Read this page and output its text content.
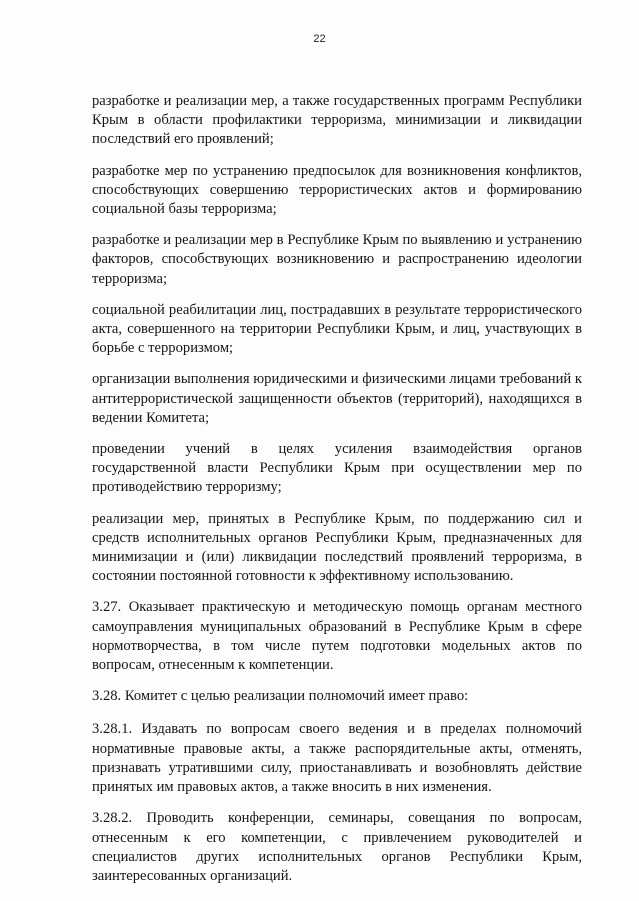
22

разработке и реализации мер, а также государственных программ Республики Крым в области профилактики терроризма, минимизации и ликвидации последствий его проявлений;

разработке мер по устранению предпосылок для возникновения конфликтов, способствующих совершению террористических актов и формированию социальной базы терроризма;

разработке и реализации мер в Республике Крым по выявлению и устранению факторов, способствующих возникновению и распространению идеологии терроризма;

социальной реабилитации лиц, пострадавших в результате террористического акта, совершенного на территории Республики Крым, и лиц, участвующих в борьбе с терроризмом;

организации выполнения юридическими и физическими лицами требований к антитеррористической защищенности объектов (территорий), находящихся в ведении Комитета;

проведении учений в целях усиления взаимодействия органов государственной власти Республики Крым при осуществлении мер по противодействию терроризму;

реализации мер, принятых в Республике Крым, по поддержанию сил и средств исполнительных органов Республики Крым, предназначенных для минимизации и (или) ликвидации последствий проявлений терроризма, в состоянии постоянной готовности к эффективному использованию.

3.27. Оказывает практическую и методическую помощь органам местного самоуправления муниципальных образований в Республике Крым в сфере нормотворчества, в том числе путем подготовки модельных актов по вопросам, отнесенным к компетенции.

3.28. Комитет с целью реализации полномочий имеет право:

3.28.1. Издавать по вопросам своего ведения и в пределах полномочий нормативные правовые акты, а также распорядительные акты, отменять, признавать утратившими силу, приостанавливать и возобновлять действие принятых им правовых актов, а также вносить в них изменения.

3.28.2. Проводить конференции, семинары, совещания по вопросам, отнесенным к его компетенции, с привлечением руководителей и специалистов других исполнительных органов Республики Крым, заинтересованных организаций.
